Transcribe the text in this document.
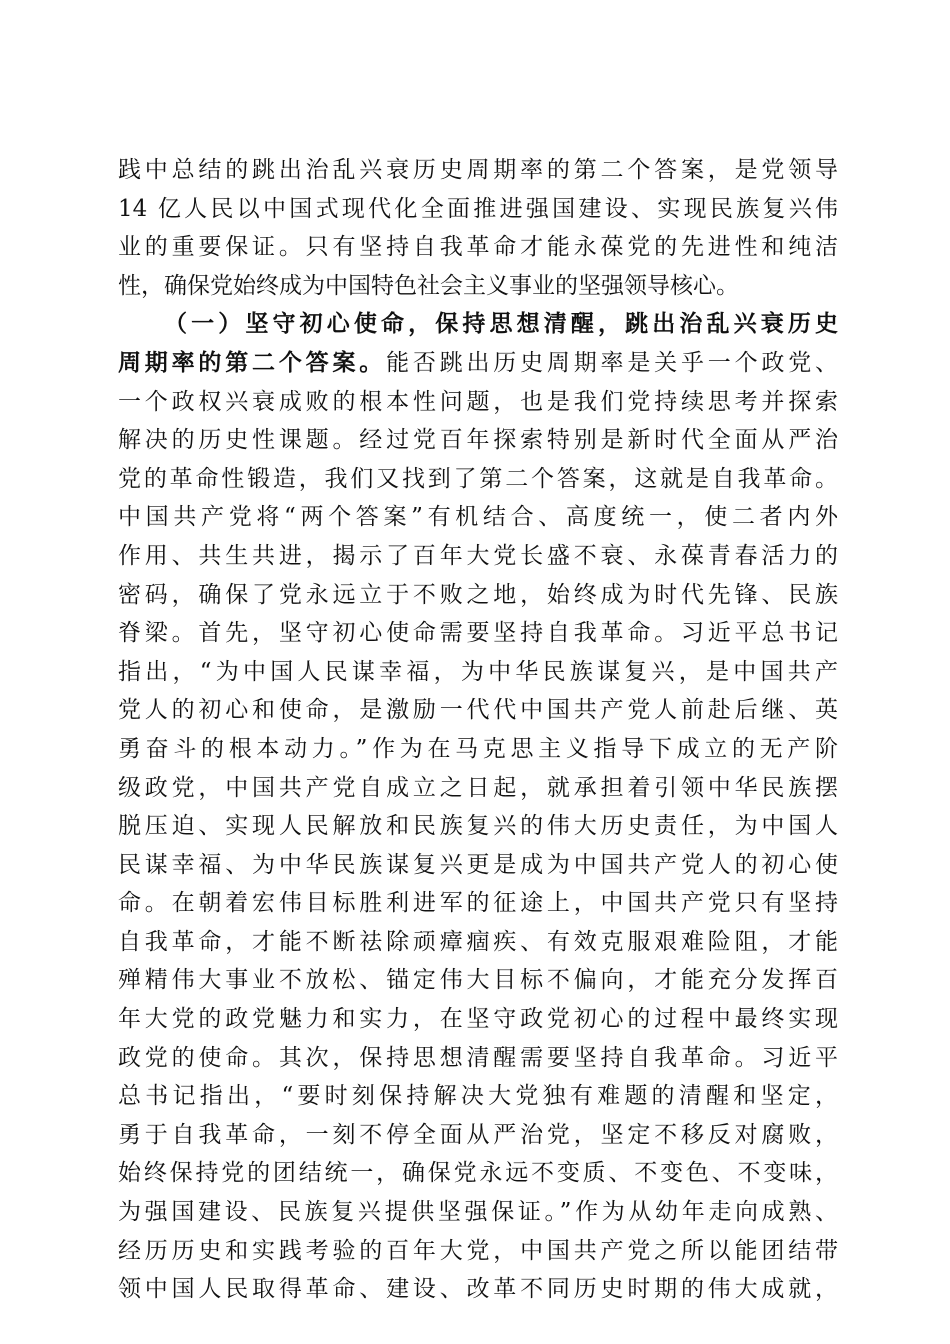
践中总结的跳出治乱兴衰历史周期率的第二个答案，是党领导
14 亿人民以中国式现代化全面推进强国建设、实现民族复兴伟
业的重要保证。只有坚持自我革命才能永葆党的先进性和纯洁
性，确保党始终成为中国特色社会主义事业的坚强领导核心。
（一）坚守初心使命，保持思想清醒，跳出治乱兴衰历史
周期率的第二个答案。能否跳出历史周期率是关乎一个政党、
一个政权兴衰成败的根本性问题，也是我们党持续思考并探索
解决的历史性课题。经过党百年探索特别是新时代全面从严治
党的革命性锻造，我们又找到了第二个答案，这就是自我革命。
中国共产党将“两个答案”有机结合、高度统一，使二者内外
作用、共生共进，揭示了百年大党长盛不衰、永葆青春活力的
密码，确保了党永远立于不败之地，始终成为时代先锋、民族
脊梁。首先，坚守初心使命需要坚持自我革命。习近平总书记
指出，“为中国人民谋幸福，为中华民族谋复兴，是中国共产
党人的初心和使命，是激励一代代中国共产党人前赴后继、英
勇奋斗的根本动力。”作为在马克思主义指导下成立的无产阶
级政党，中国共产党自成立之日起，就承担着引领中华民族摆
脱压迫、实现人民解放和民族复兴的伟大历史责任，为中国人
民谋幸福、为中华民族谋复兴更是成为中国共产党人的初心使
命。在朝着宏伟目标胜利进军的征途上，中国共产党只有坚持
自我革命，才能不断祛除顽瘴痼疾、有效克服艰难险阻，才能
殚精伟大事业不放松、锚定伟大目标不偏向，才能充分发挥百
年大党的政党魅力和实力，在坚守政党初心的过程中最终实现
政党的使命。其次，保持思想清醒需要坚持自我革命。习近平
总书记指出，“要时刻保持解决大党独有难题的清醒和坚定，
勇于自我革命，一刻不停全面从严治党，坚定不移反对腐败，
始终保持党的团结统一，确保党永远不变质、不变色、不变味，
为强国建设、民族复兴提供坚强保证。”作为从幼年走向成熟、
经历历史和实践考验的百年大党，中国共产党之所以能团结带
领中国人民取得革命、建设、改革不同历史时期的伟大成就，
